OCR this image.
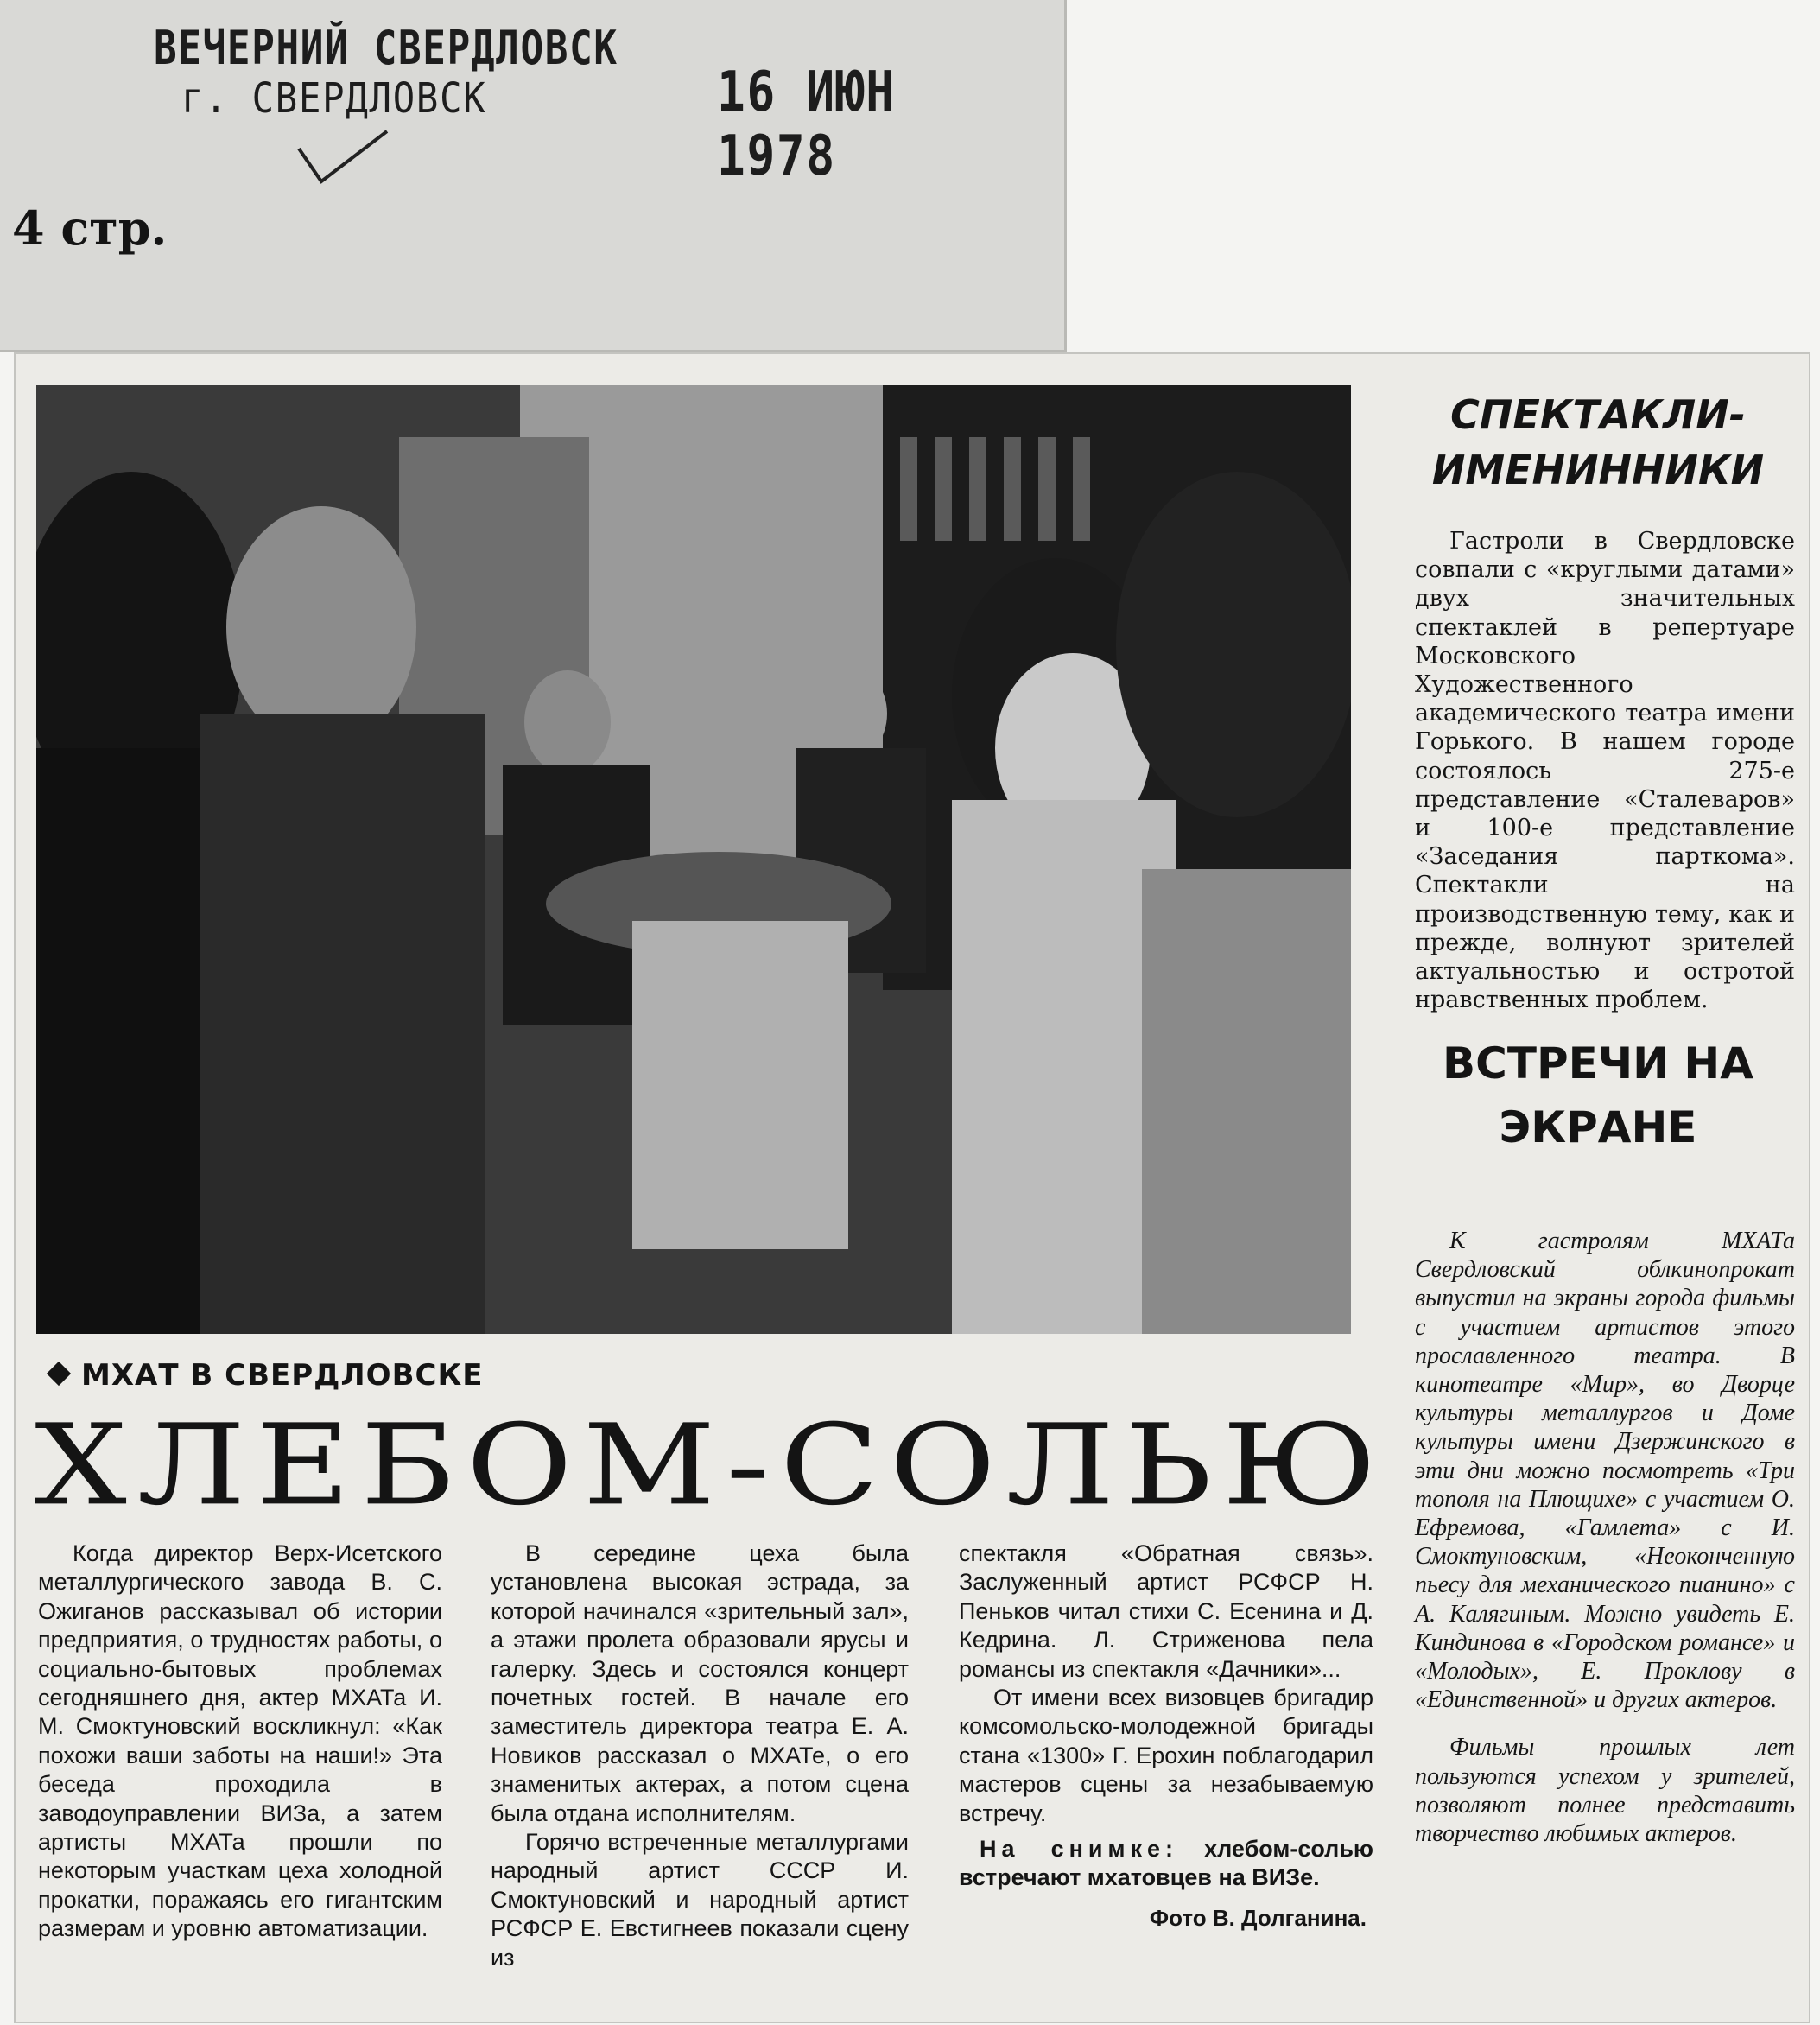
ВЕЧЕРНИЙ СВЕРДЛОВСК
г. СВЕРДЛОВСК	16 ИЮН 1978
4 стр.
МХАТ В СВЕРДЛОВСКЕ
ХЛЕБОМ-СОЛЬЮ

Когда директор Верх-Исетского металлургического завода В. С. Ожиганов рассказывал об истории предприятия, о трудностях работы, о социально-бытовых проблемах сегодняшнего дня, актер МХАТа И. М. Смоктуновский воскликнул: «Как похожи ваши заботы на наши!» Эта беседа проходила в заводоуправлении ВИЗа, а затем артисты МХАТа прошли по некоторым участкам цеха холодной прокатки, поражаясь его гигантским размерам и уровню автоматизации.

В середине цеха была установлена высокая эстрада, за которой начинался «зрительный зал», а этажи пролета образовали ярусы и галерку. Здесь и состоялся концерт почетных гостей. В начале его заместитель директора театра Е. А. Новиков рассказал о МХАТе, о его знаменитых актерах, а потом сцена была отдана исполнителям.

Горячо встреченные металлургами народный артист СССР И. Смоктуновский и народный артист РСФСР Е. Евстигнеев показали сцену из

спектакля «Обратная связь». Заслуженный артист РСФСР Н. Пеньков читал стихи С. Есенина и Д. Кедрина. Л. Стриженова пела романсы из спектакля «Дачники»...

От имени всех визовцев бригадир комсомольско-молодежной бригады стана «1300» Г. Ерохин поблагодарил мастеров сцены за незабываемую встречу.

На снимке: хлебом-солью встречают мхатовцев на ВИЗе.
Фото В. Долганина.
СПЕКТАКЛИ-ИМЕНИННИКИ

Гастроли в Свердловске совпали с «круглыми датами» двух значительных спектаклей в репертуаре Московского Художественного академического театра имени Горького. В нашем городе состоялось 275-е представление «Сталеваров» и 100-е представление «Заседания парткома». Спектакли на производственную тему, как и прежде, волнуют зрителей актуальностью и остротой нравственных проблем.

ВСТРЕЧИ НА ЭКРАНЕ

К гастролям МХАТа Свердловский облкинопрокат выпустил на экраны города фильмы с участием артистов этого прославленного театра. В кинотеатре «Мир», во Дворце культуры металлургов и Доме культуры имени Дзержинского в эти дни можно посмотреть «Три тополя на Плющихе» с участием О. Ефремова, «Гамлета» с И. Смоктуновским, «Неоконченную пьесу для механического пианино» с А. Калягиным. Можно увидеть Е. Киндинова в «Городском романсе» и «Молодых», Е. Проклову в «Единственной» и других актеров.

Фильмы прошлых лет пользуются успехом у зрителей, позволяют полнее представить творчество любимых актеров.
